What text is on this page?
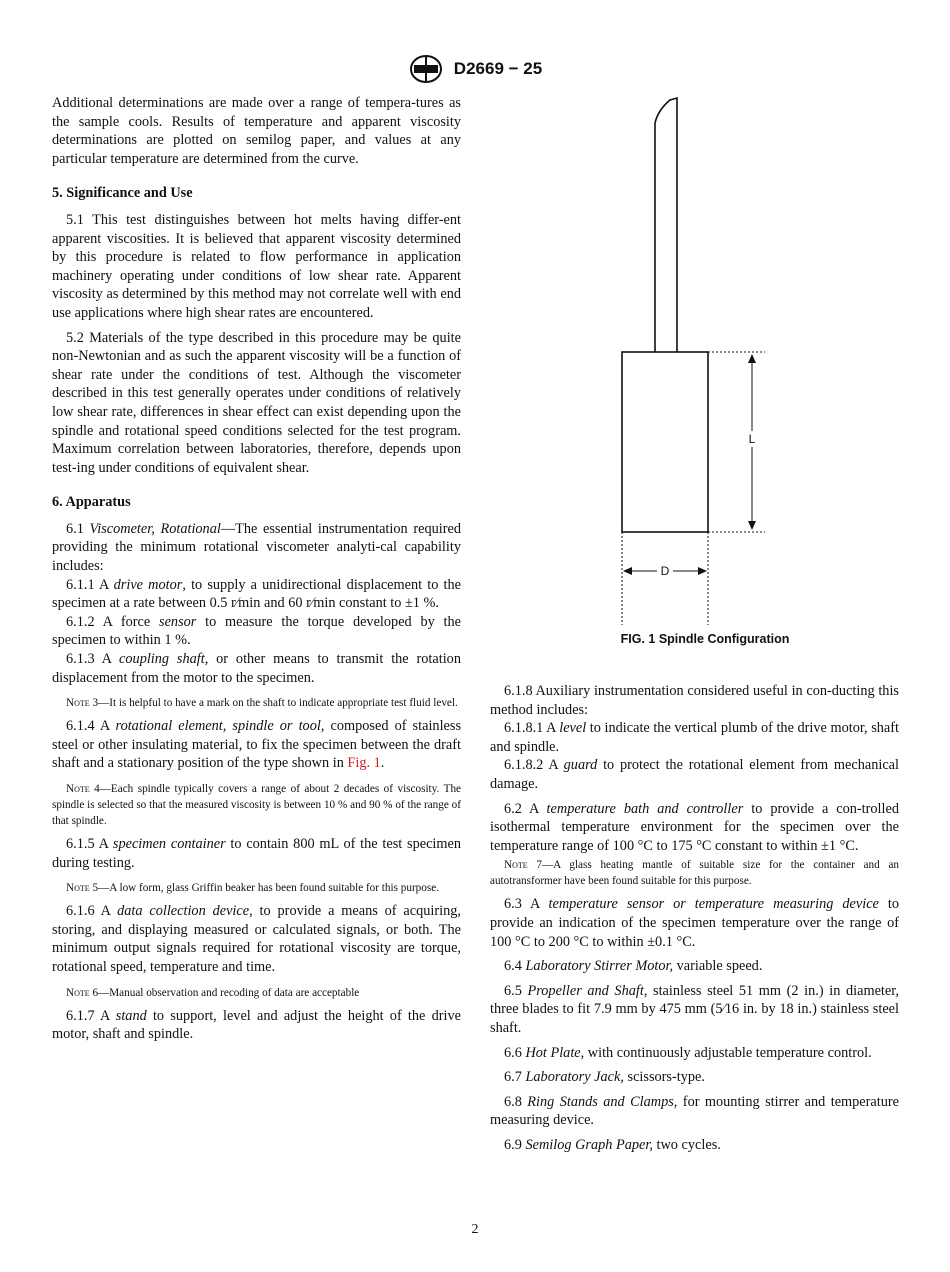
D2669 − 25

Additional determinations are made over a range of tempera-tures as the sample cools. Results of temperature and apparent viscosity determinations are plotted on semilog paper, and values at any particular temperature are determined from the curve.

5. Significance and Use

5.1 This test distinguishes between hot melts having differ-ent apparent viscosities. It is believed that apparent viscosity determined by this procedure is related to flow performance in application machinery operating under conditions of low shear rate. Apparent viscosity as determined by this method may not correlate well with end use applications where high shear rates are encountered.

5.2 Materials of the type described in this procedure may be quite non-Newtonian and as such the apparent viscosity will be a function of shear rate under the conditions of test. Although the viscometer described in this test generally operates under conditions of relatively low shear rate, differences in shear effect can exist depending upon the spindle and rotational speed conditions selected for the test program. Maximum correlation between laboratories, therefore, depends upon test-ing under conditions of equivalent shear.

6. Apparatus

6.1 Viscometer, Rotational—The essential instrumentation required providing the minimum rotational viscometer analyti-cal capability includes:

6.1.1 A drive motor, to supply a unidirectional displacement to the specimen at a rate between 0.5 r⁄min and 60 r⁄min constant to ±1 %.

6.1.2 A force sensor to measure the torque developed by the specimen to within 1 %.

6.1.3 A coupling shaft, or other means to transmit the rotation displacement from the motor to the specimen.

Note 3—It is helpful to have a mark on the shaft to indicate appropriate test fluid level.

6.1.4 A rotational element, spindle or tool, composed of stainless steel or other insulating material, to fix the specimen between the draft shaft and a stationary position of the type shown in Fig. 1.

Note 4—Each spindle typically covers a range of about 2 decades of viscosity. The spindle is selected so that the measured viscosity is between 10 % and 90 % of the range of that spindle.

6.1.5 A specimen container to contain 800 mL of the test specimen during testing.

Note 5—A low form, glass Griffin beaker has been found suitable for this purpose.

6.1.6 A data collection device, to provide a means of acquiring, storing, and displaying measured or calculated signals, or both. The minimum output signals required for rotational viscosity are torque, rotational speed, temperature and time.

Note 6—Manual observation and recoding of data are acceptable

6.1.7 A stand to support, level and adjust the height of the drive motor, shaft and spindle.

L
D
FIG. 1 Spindle Configuration

6.1.8 Auxiliary instrumentation considered useful in con-ducting this method includes:

6.1.8.1 A level to indicate the vertical plumb of the drive motor, shaft and spindle.

6.1.8.2 A guard to protect the rotational element from mechanical damage.

6.2 A temperature bath and controller to provide a con-trolled isothermal temperature environment for the specimen over the temperature range of 100 °C to 175 °C constant to within ±1 °C.

Note 7—A glass heating mantle of suitable size for the container and an autotransformer have been found suitable for this purpose.

6.3 A temperature sensor or temperature measuring device to provide an indication of the specimen temperature over the range of 100 °C to 200 °C to within ±0.1 °C.

6.4 Laboratory Stirrer Motor, variable speed.

6.5 Propeller and Shaft, stainless steel 51 mm (2 in.) in diameter, three blades to fit 7.9 mm by 475 mm (5⁄16 in. by 18 in.) stainless steel shaft.

6.6 Hot Plate, with continuously adjustable temperature control.

6.7 Laboratory Jack, scissors-type.

6.8 Ring Stands and Clamps, for mounting stirrer and temperature measuring device.

6.9 Semilog Graph Paper, two cycles.

2
